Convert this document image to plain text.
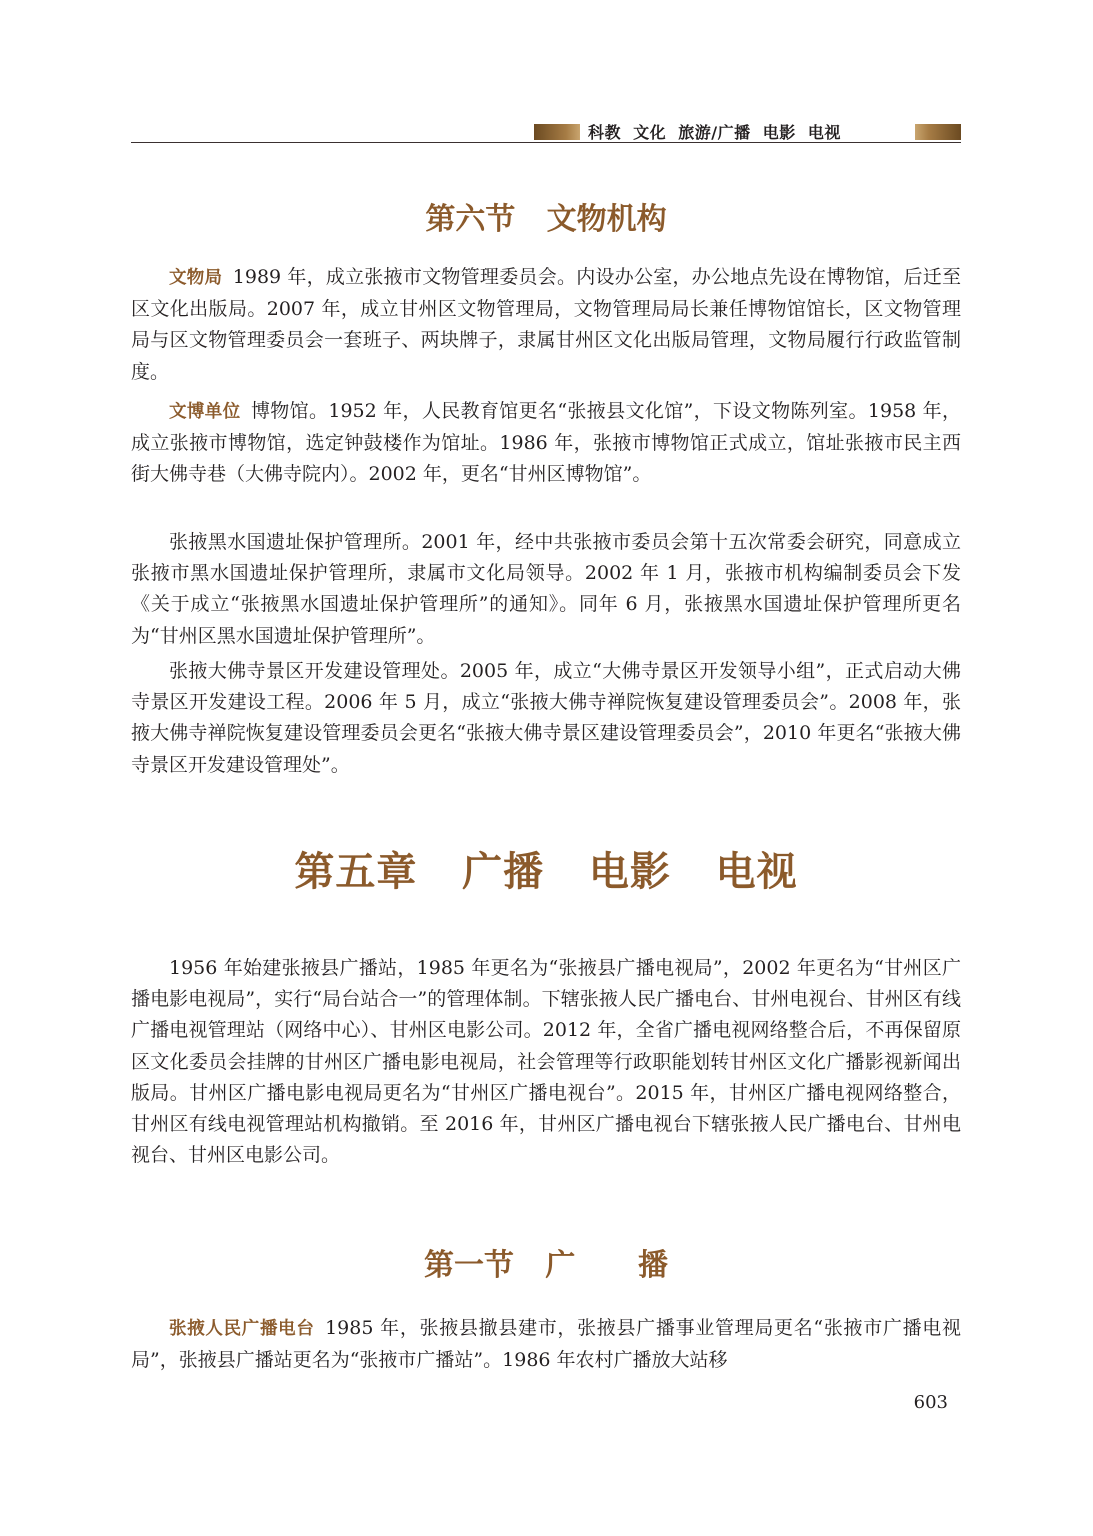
科教  文化  旅游/广播  电影  电视
第六节   文物机构

文物局 1989 年，成立张掖市文物管理委员会。内设办公室，办公地点先设在博物馆，后迁至区文化出版局。2007 年，成立甘州区文物管理局，文物管理局局长兼任博物馆馆长，区文物管理局与区文物管理委员会一套班子、两块牌子，隶属甘州区文化出版局管理，文物局履行行政监管制度。

文博单位 博物馆。1952 年，人民教育馆更名“张掖县文化馆”，下设文物陈列室。1958 年，成立张掖市博物馆，选定钟鼓楼作为馆址。1986 年，张掖市博物馆正式成立，馆址张掖市民主西街大佛寺巷（大佛寺院内）。2002 年，更名“甘州区博物馆”。

张掖黑水国遗址保护管理所。2001 年，经中共张掖市委员会第十五次常委会研究，同意成立张掖市黑水国遗址保护管理所，隶属市文化局领导。2002 年 1 月，张掖市机构编制委员会下发《关于成立“张掖黑水国遗址保护管理所”的通知》。同年 6 月，张掖黑水国遗址保护管理所更名为“甘州区黑水国遗址保护管理所”。

张掖大佛寺景区开发建设管理处。2005 年，成立“大佛寺景区开发领导小组”，正式启动大佛寺景区开发建设工程。2006 年 5 月，成立“张掖大佛寺禅院恢复建设管理委员会”。2008 年，张掖大佛寺禅院恢复建设管理委员会更名“张掖大佛寺景区建设管理委员会”，2010 年更名“张掖大佛寺景区开发建设管理处”。

第五章   广播   电影   电视

1956 年始建张掖县广播站，1985 年更名为“张掖县广播电视局”，2002 年更名为“甘州区广播电影电视局”，实行“局台站合一”的管理体制。下辖张掖人民广播电台、甘州电视台、甘州区有线广播电视管理站（网络中心）、甘州区电影公司。2012 年，全省广播电视网络整合后，不再保留原区文化委员会挂牌的甘州区广播电影电视局，社会管理等行政职能划转甘州区文化广播影视新闻出版局。甘州区广播电影电视局更名为“甘州区广播电视台”。2015 年，甘州区广播电视网络整合，甘州区有线电视管理站机构撤销。至 2016 年，甘州区广播电视台下辖张掖人民广播电台、甘州电视台、甘州区电影公司。

第一节   广      播

张掖人民广播电台 1985 年，张掖县撤县建市，张掖县广播事业管理局更名“张掖市广播电视局”，张掖县广播站更名为“张掖市广播站”。1986 年农村广播放大站移

603
